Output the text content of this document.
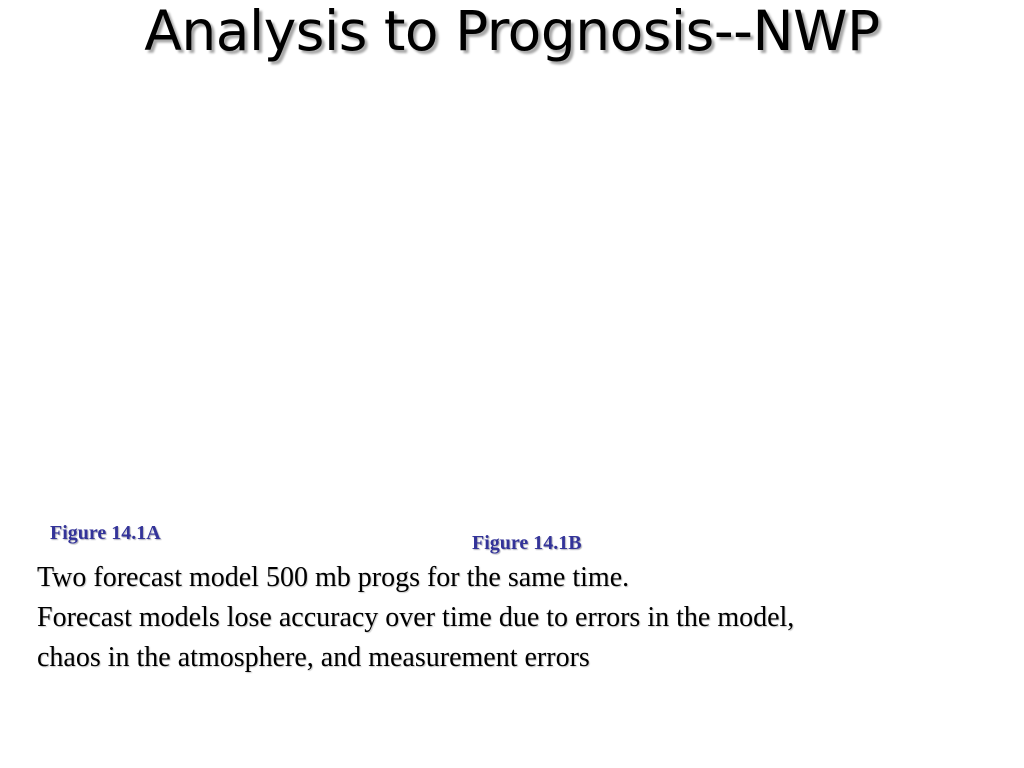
Analysis to Prognosis--NWP
Figure 14.1A	Figure 14.1B
Two forecast model 500 mb progs for the same time.
Forecast models lose accuracy over time due to errors in the model,
chaos in the atmosphere, and measurement errors
